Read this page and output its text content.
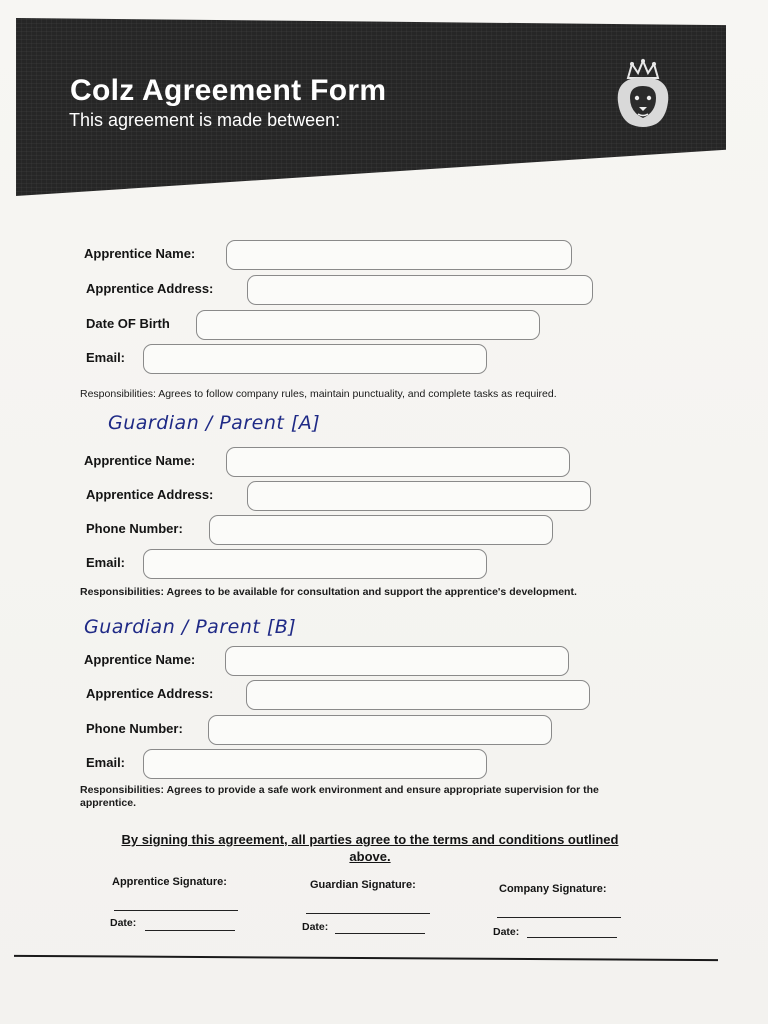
Colz Agreement Form
This agreement is made between:
Apprentice Name:
Apprentice Address:
Date OF Birth
Email:
Responsibilities: Agrees to follow company rules, maintain punctuality, and complete tasks as required.
Guardian / Parent [A]
Apprentice Name:
Apprentice Address:
Phone Number:
Email:
Responsibilities: Agrees to be available for consultation and support the apprentice's development.
Guardian / Parent [B]
Apprentice Name:
Apprentice Address:
Phone Number:
Email:
Responsibilities: Agrees to provide a safe work environment and ensure appropriate supervision for the apprentice.
By signing this agreement, all parties agree to the terms and conditions outlined above.
Apprentice Signature:
Date:
Guardian Signature:
Date:
Company Signature:
Date:
